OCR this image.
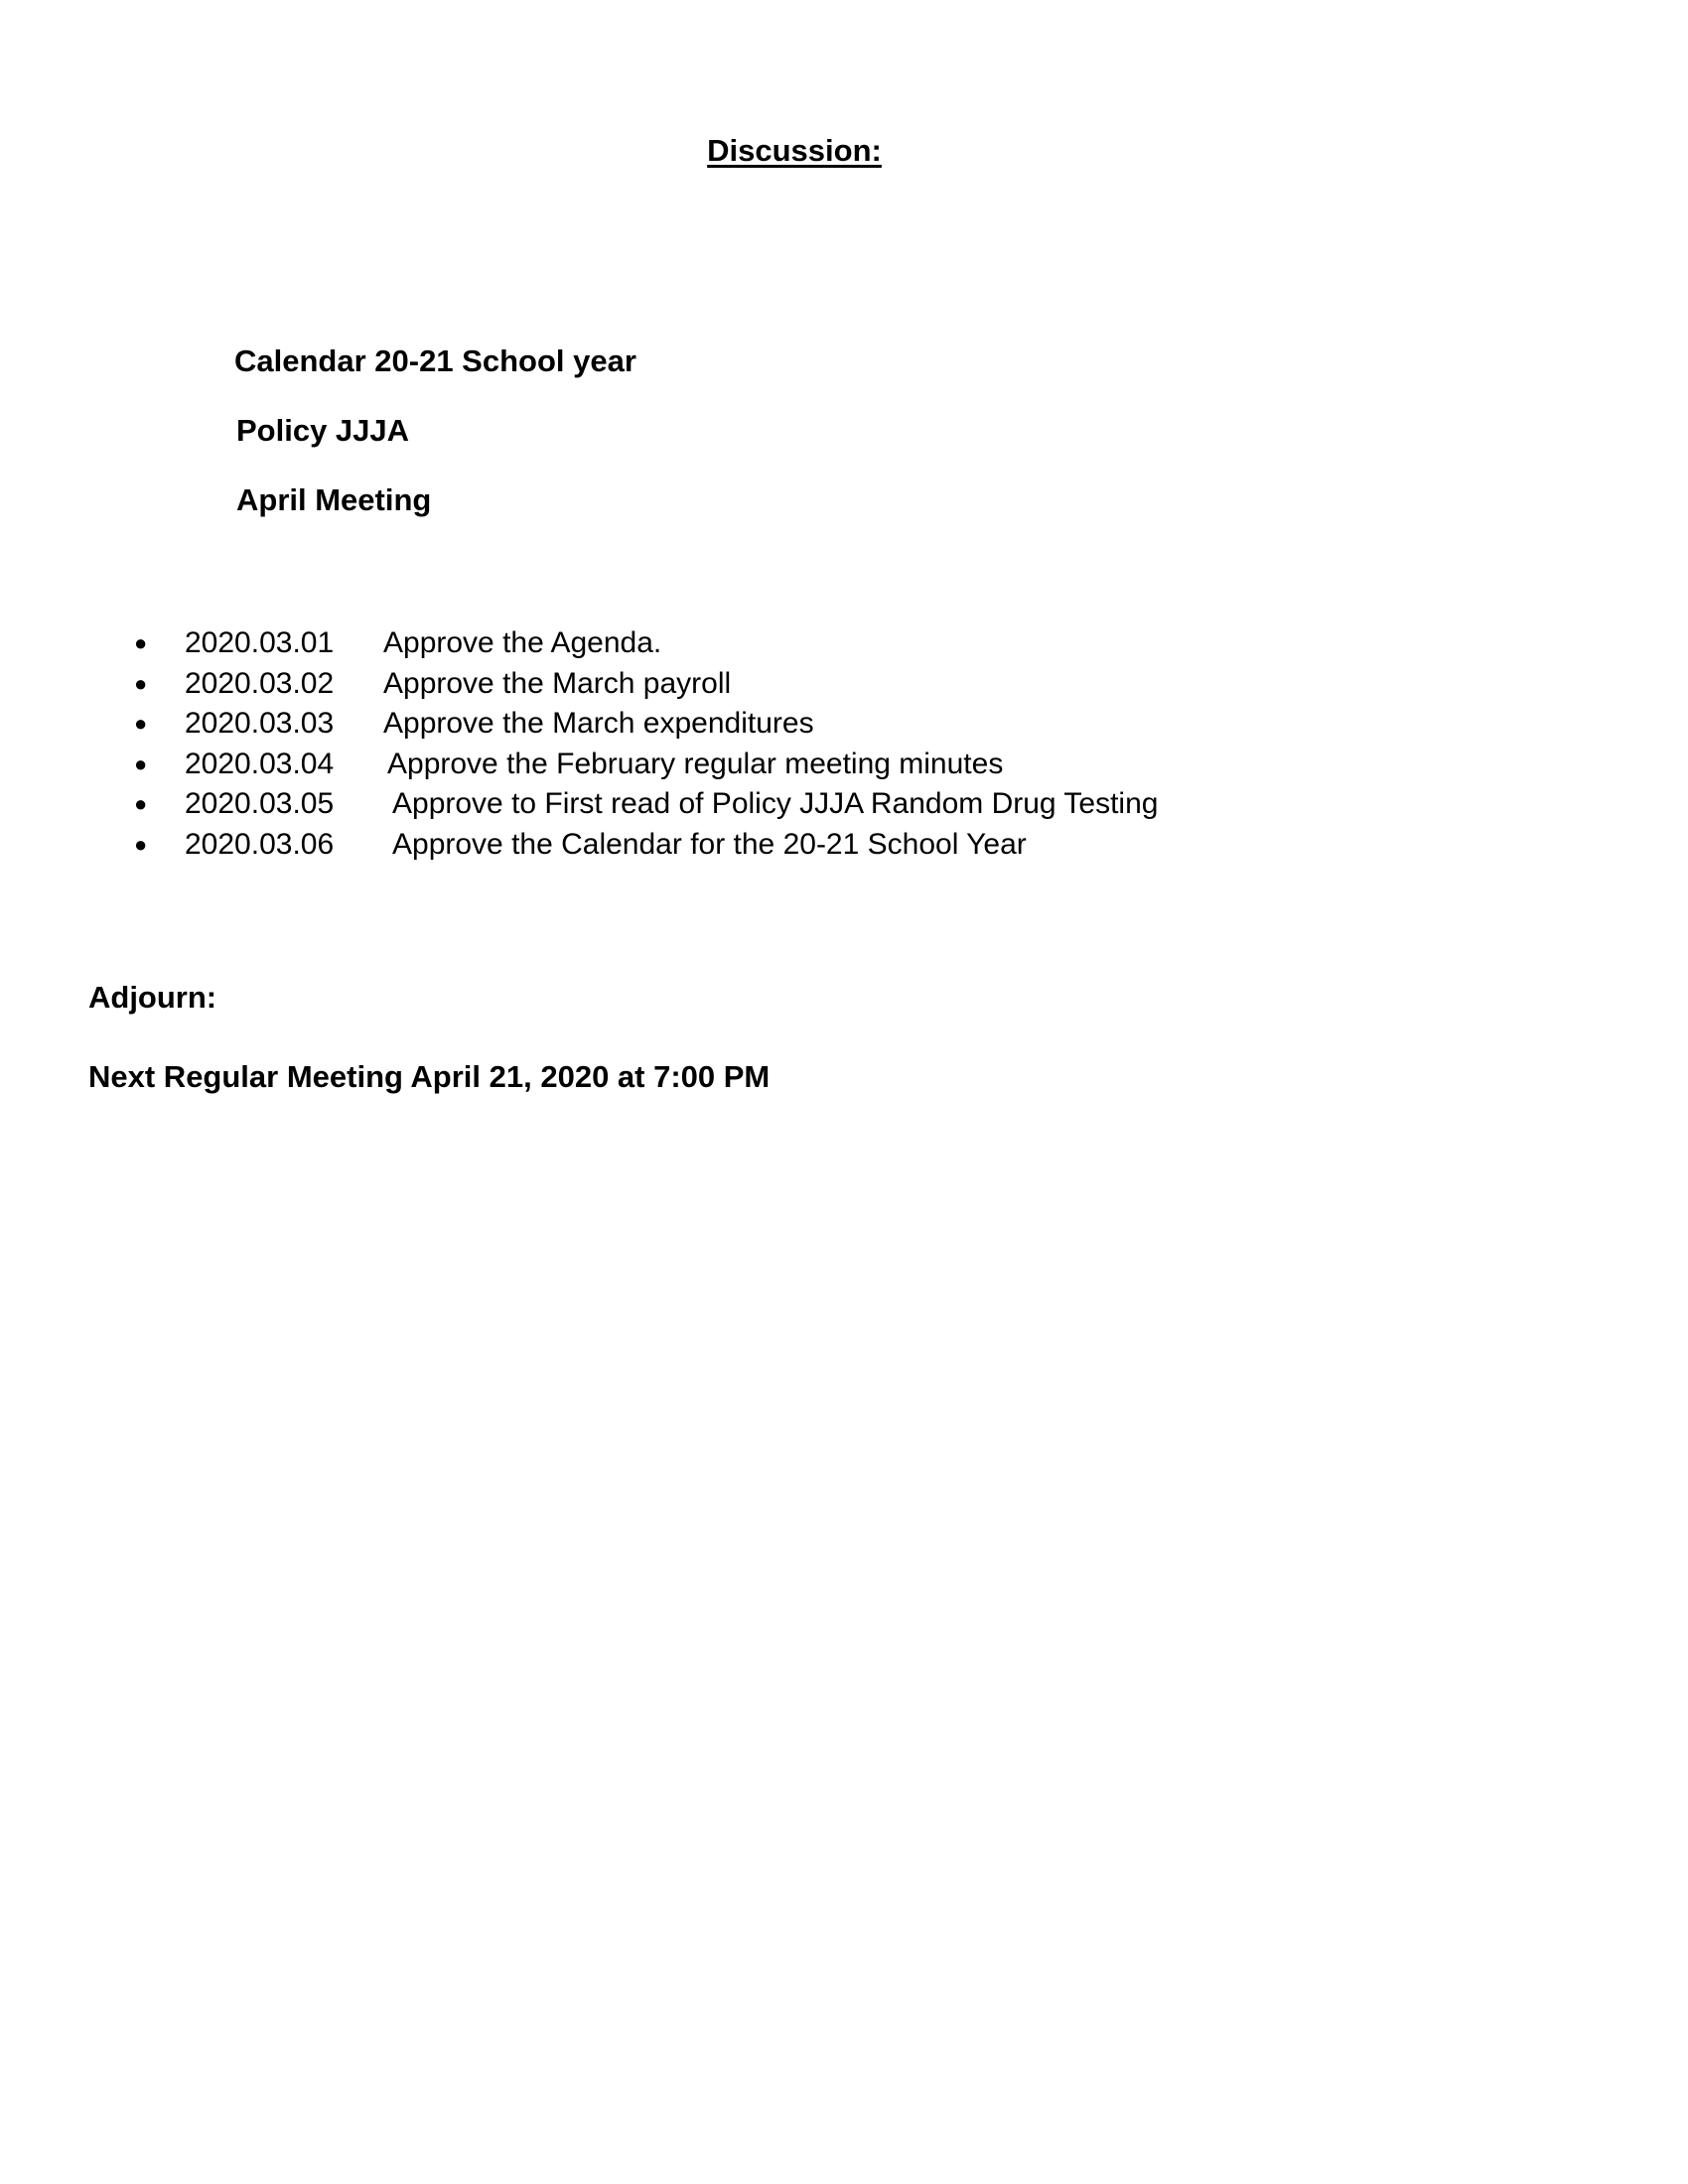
Discussion:
Calendar 20-21 School year
Policy JJJA
April Meeting
● 2020.03.01 Approve the Agenda.
● 2020.03.02 Approve the March payroll
● 2020.03.03 Approve the March expenditures
● 2020.03.04 Approve the February regular meeting minutes
● 2020.03.05 Approve to First read of Policy JJJA Random Drug Testing
● 2020.03.06 Approve the Calendar for the 20-21 School Year
Adjourn:
Next Regular Meeting April 21, 2020 at 7:00 PM
